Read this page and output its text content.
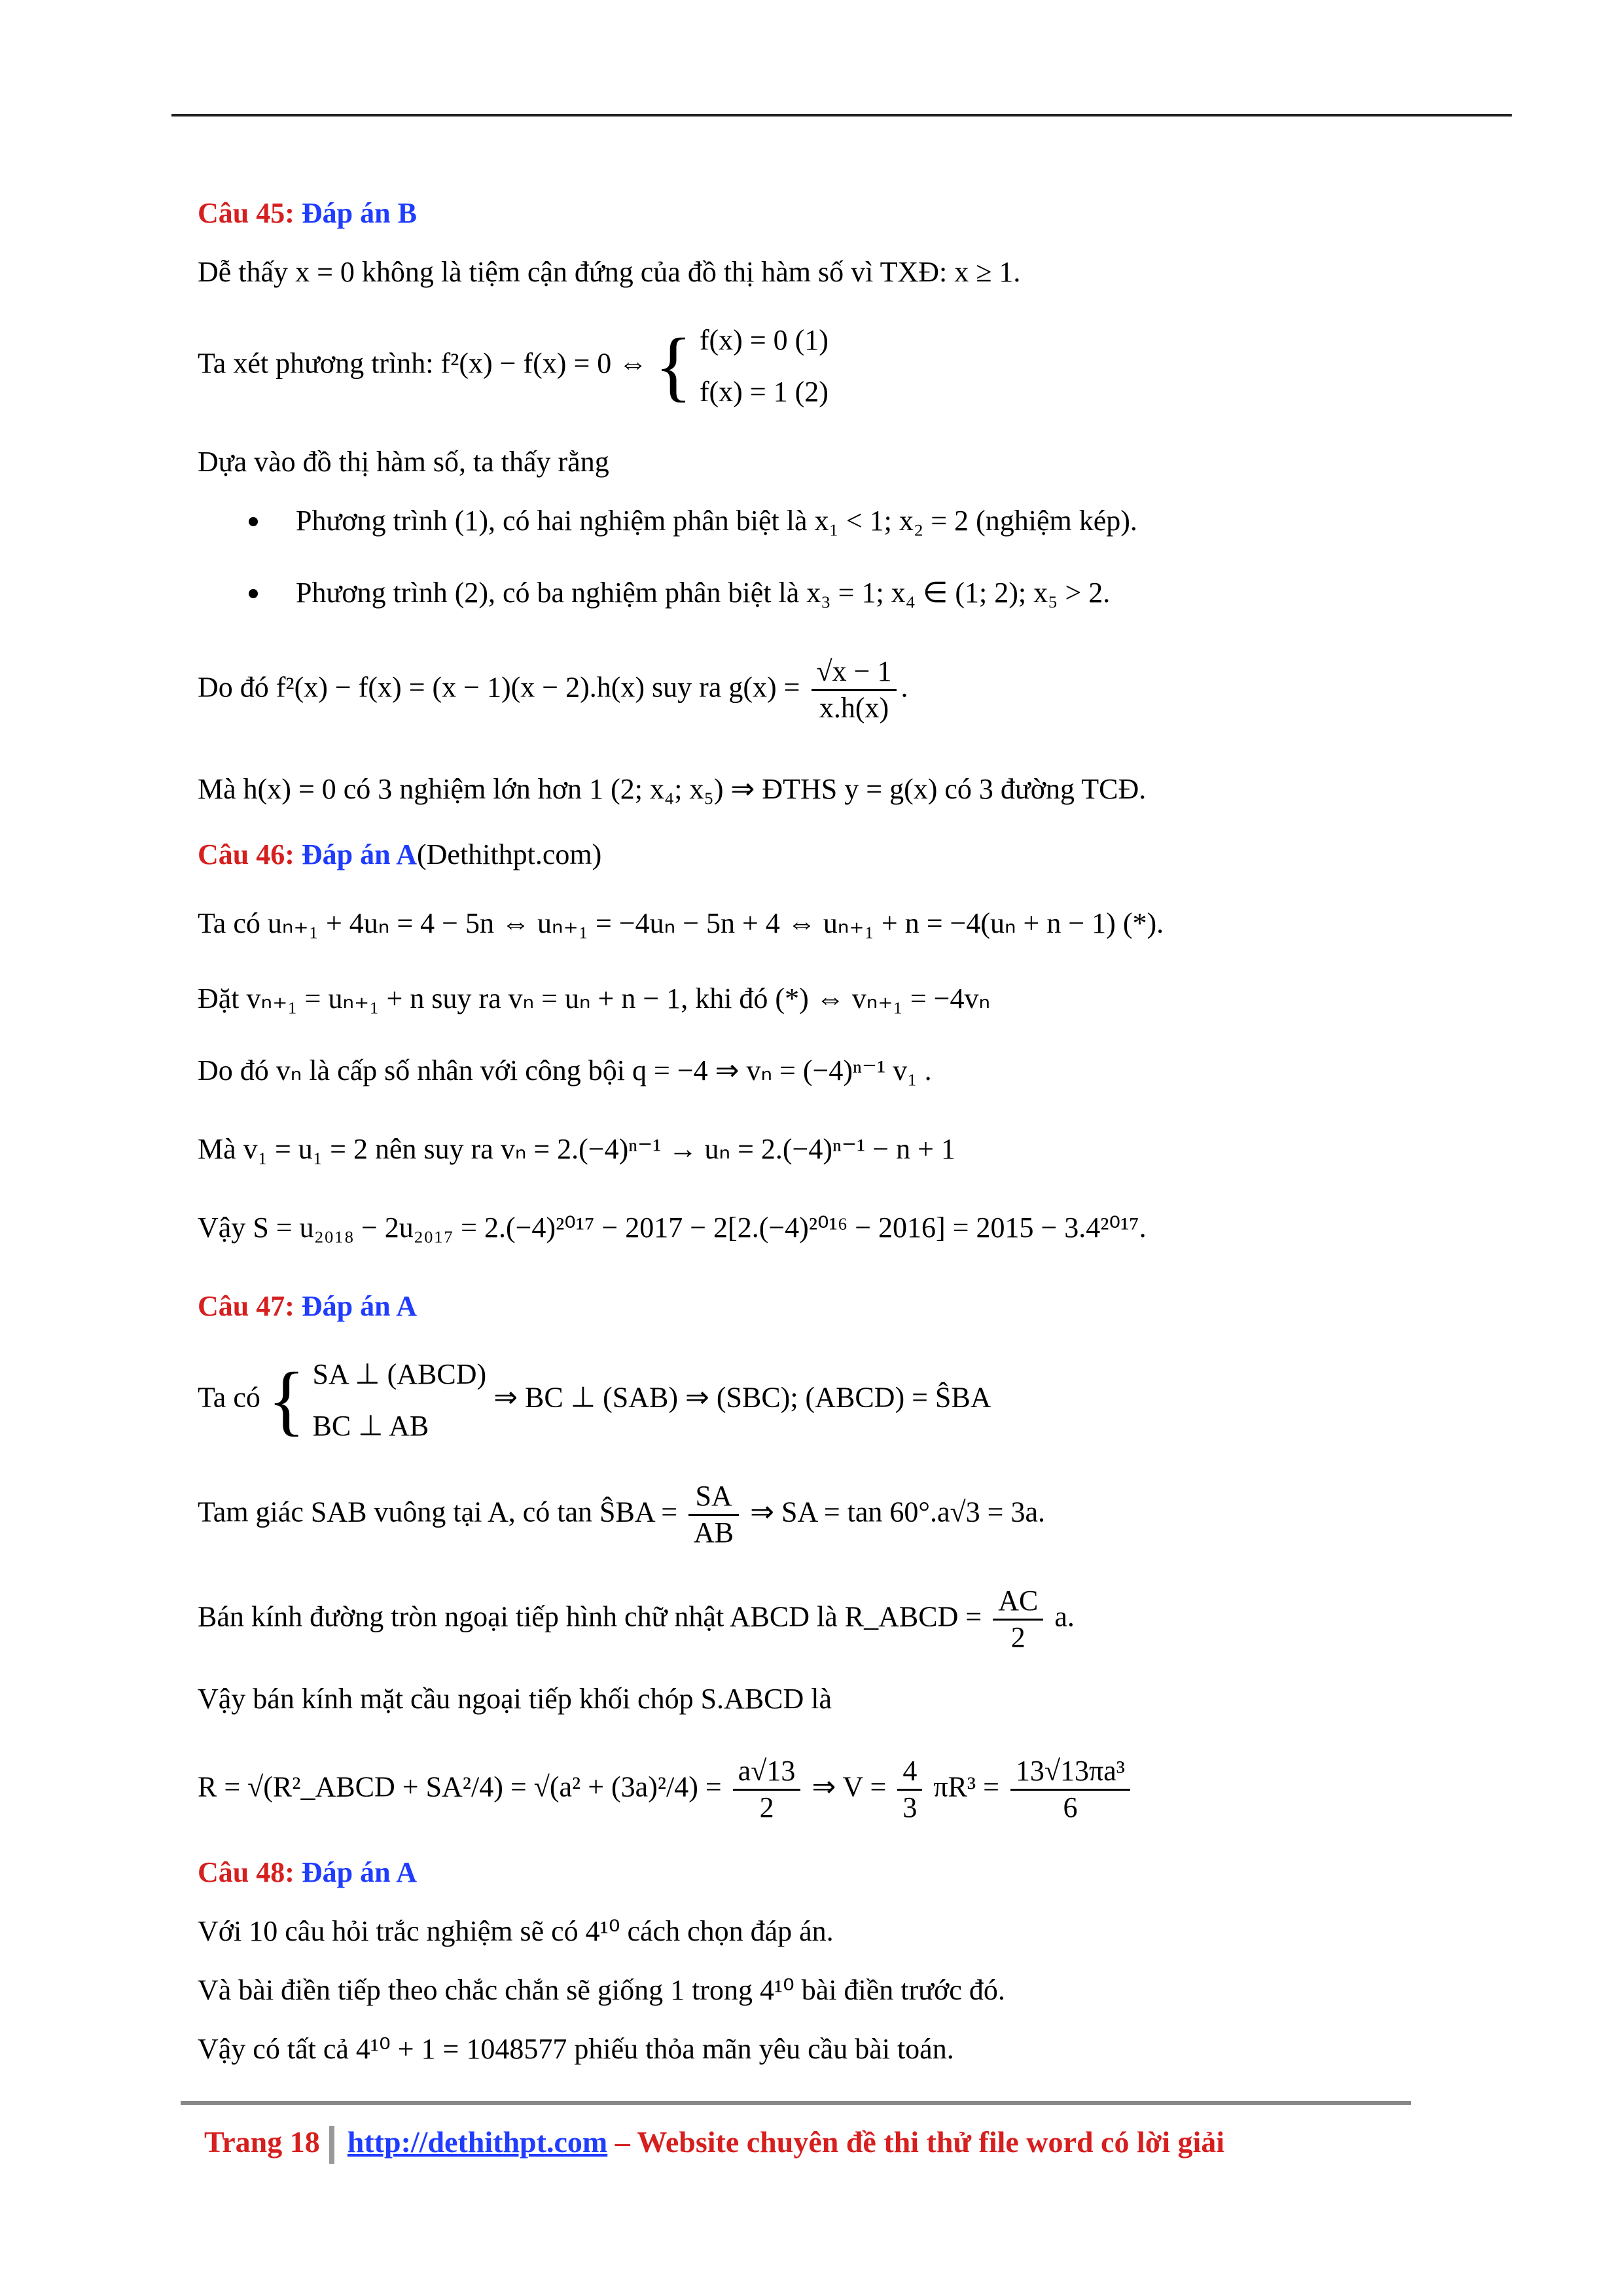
Câu 45: Đáp án B
Dễ thấy x = 0 không là tiệm cận đứng của đồ thị hàm số vì TXĐ: x ≥ 1.
Ta xét phương trình: f²(x) − f(x) = 0 ⇔ { f(x) = 0 (1)
f(x) = 1 (2)
Dựa vào đồ thị hàm số, ta thấy rằng
Phương trình (1), có hai nghiệm phân biệt là x₁ < 1; x₂ = 2 (nghiệm kép).
Phương trình (2), có ba nghiệm phân biệt là x₃ = 1; x₄ ∈ (1; 2); x₅ > 2.
Do đó f²(x) − f(x) = (x − 1)(x − 2).h(x) suy ra $g(x) = \frac{√x - 1}{x.h(x)}$ .
Mà h(x) = 0 có 3 nghiệm lớn hơn 1 (2; x₄; x₅) ⇒ ĐTHS y = g(x) có 3 đường TCĐ.
Câu 46: Đáp án A(Dethithpt.com)
Ta có uₙ₊₁ + 4uₙ = 4 − 5n ⇔ uₙ₊₁ = −4uₙ − 5n + 4 ⇔ uₙ₊₁ + n = −4(uₙ + n − 1) (*).
Đặt vₙ₊₁ = uₙ₊₁ + n suy ra vₙ = uₙ + n − 1, khi đó (*) ⇔ vₙ₊₁ = −4vₙ
Do đó vₙ là cấp số nhân với công bội q = −4 ⇒ vₙ = (−4)ⁿ⁻¹ v₁ .
Mà v₁ = u₁ = 2 nên suy ra vₙ = 2.(−4)ⁿ⁻¹ → uₙ = 2.(−4)ⁿ⁻¹ − n + 1
Vậy S = u₂₀₁₈ − 2u₂₀₁₇ = 2.(−4)²⁰¹⁷ − 2017 − 2[2.(−4)²⁰¹⁶ − 2016] = 2015 − 3.4²⁰¹⁷.
Câu 47: Đáp án A
Ta có { SA ⊥ (ABCD)
BC ⊥ AB
⇒ BC ⊥ (SAB) ⇒ (SBC); (ABCD) = ŜBA
Tam giác SAB vuông tại A, có tan ŜBA = $\frac{SA}{AB}$ ⇒ SA = tan 60°.a√3 = 3a.
Bán kính đường tròn ngoại tiếp hình chữ nhật ABCD là R_ABCD = $\frac{AC}{2} a$.
Vậy bán kính mặt cầu ngoại tiếp khối chóp S.ABCD là
R = √(R²_ABCD + $SA^2/4) = √(a^2 + (3a)^2/4) = \frac{a√13}{2}$ ⇒ $V = \frac{4}{3} \pi R^3 = \frac{\text{13√13πa³}}{6}$
Câu 48: Đáp án A
Với 10 câu hỏi trắc nghiệm sẽ có 4¹⁰ cách chọn đáp án.
Và bài điền tiếp theo chắc chắn sẽ giống 1 trong 4¹⁰ bài điền trước đó.
Vậy có tất cả 4¹⁰ + 1 = 1048577 phiếu thỏa mãn yêu cầu bài toán.
Trang 18 http://dethithpt.com – Website chuyên đề thi thử file word có lời giải
